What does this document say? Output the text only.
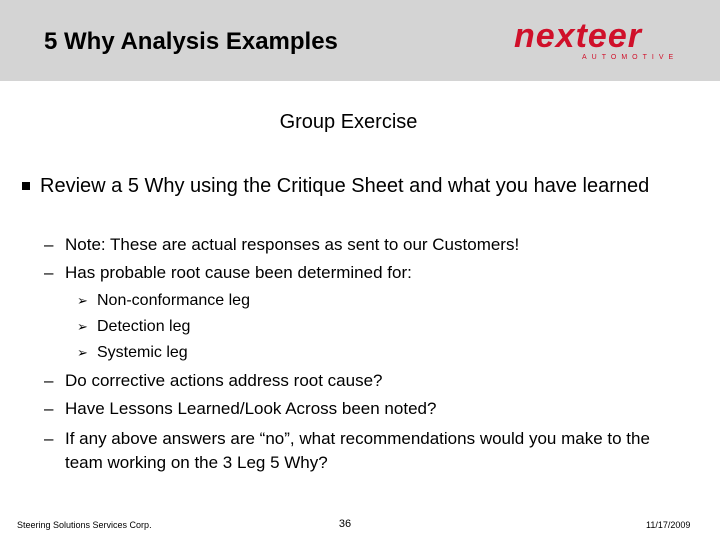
5 Why Analysis Examples	nexteer
AUTOMOTIVE
Group Exercise
Review a 5 Why using the Critique Sheet and what you have learned
– Note: These are actual responses as sent to our Customers!
– Has probable root cause been determined for:
➢ Non-conformance leg
➢ Detection leg
➢ Systemic leg
– Do corrective actions address root cause?
– Have Lessons Learned/Look Across been noted?
– If any above answers are “no”, what recommendations would you make to the team working on the 3 Leg 5 Why?
Steering Solutions Services Corp.	36	11/17/2009
